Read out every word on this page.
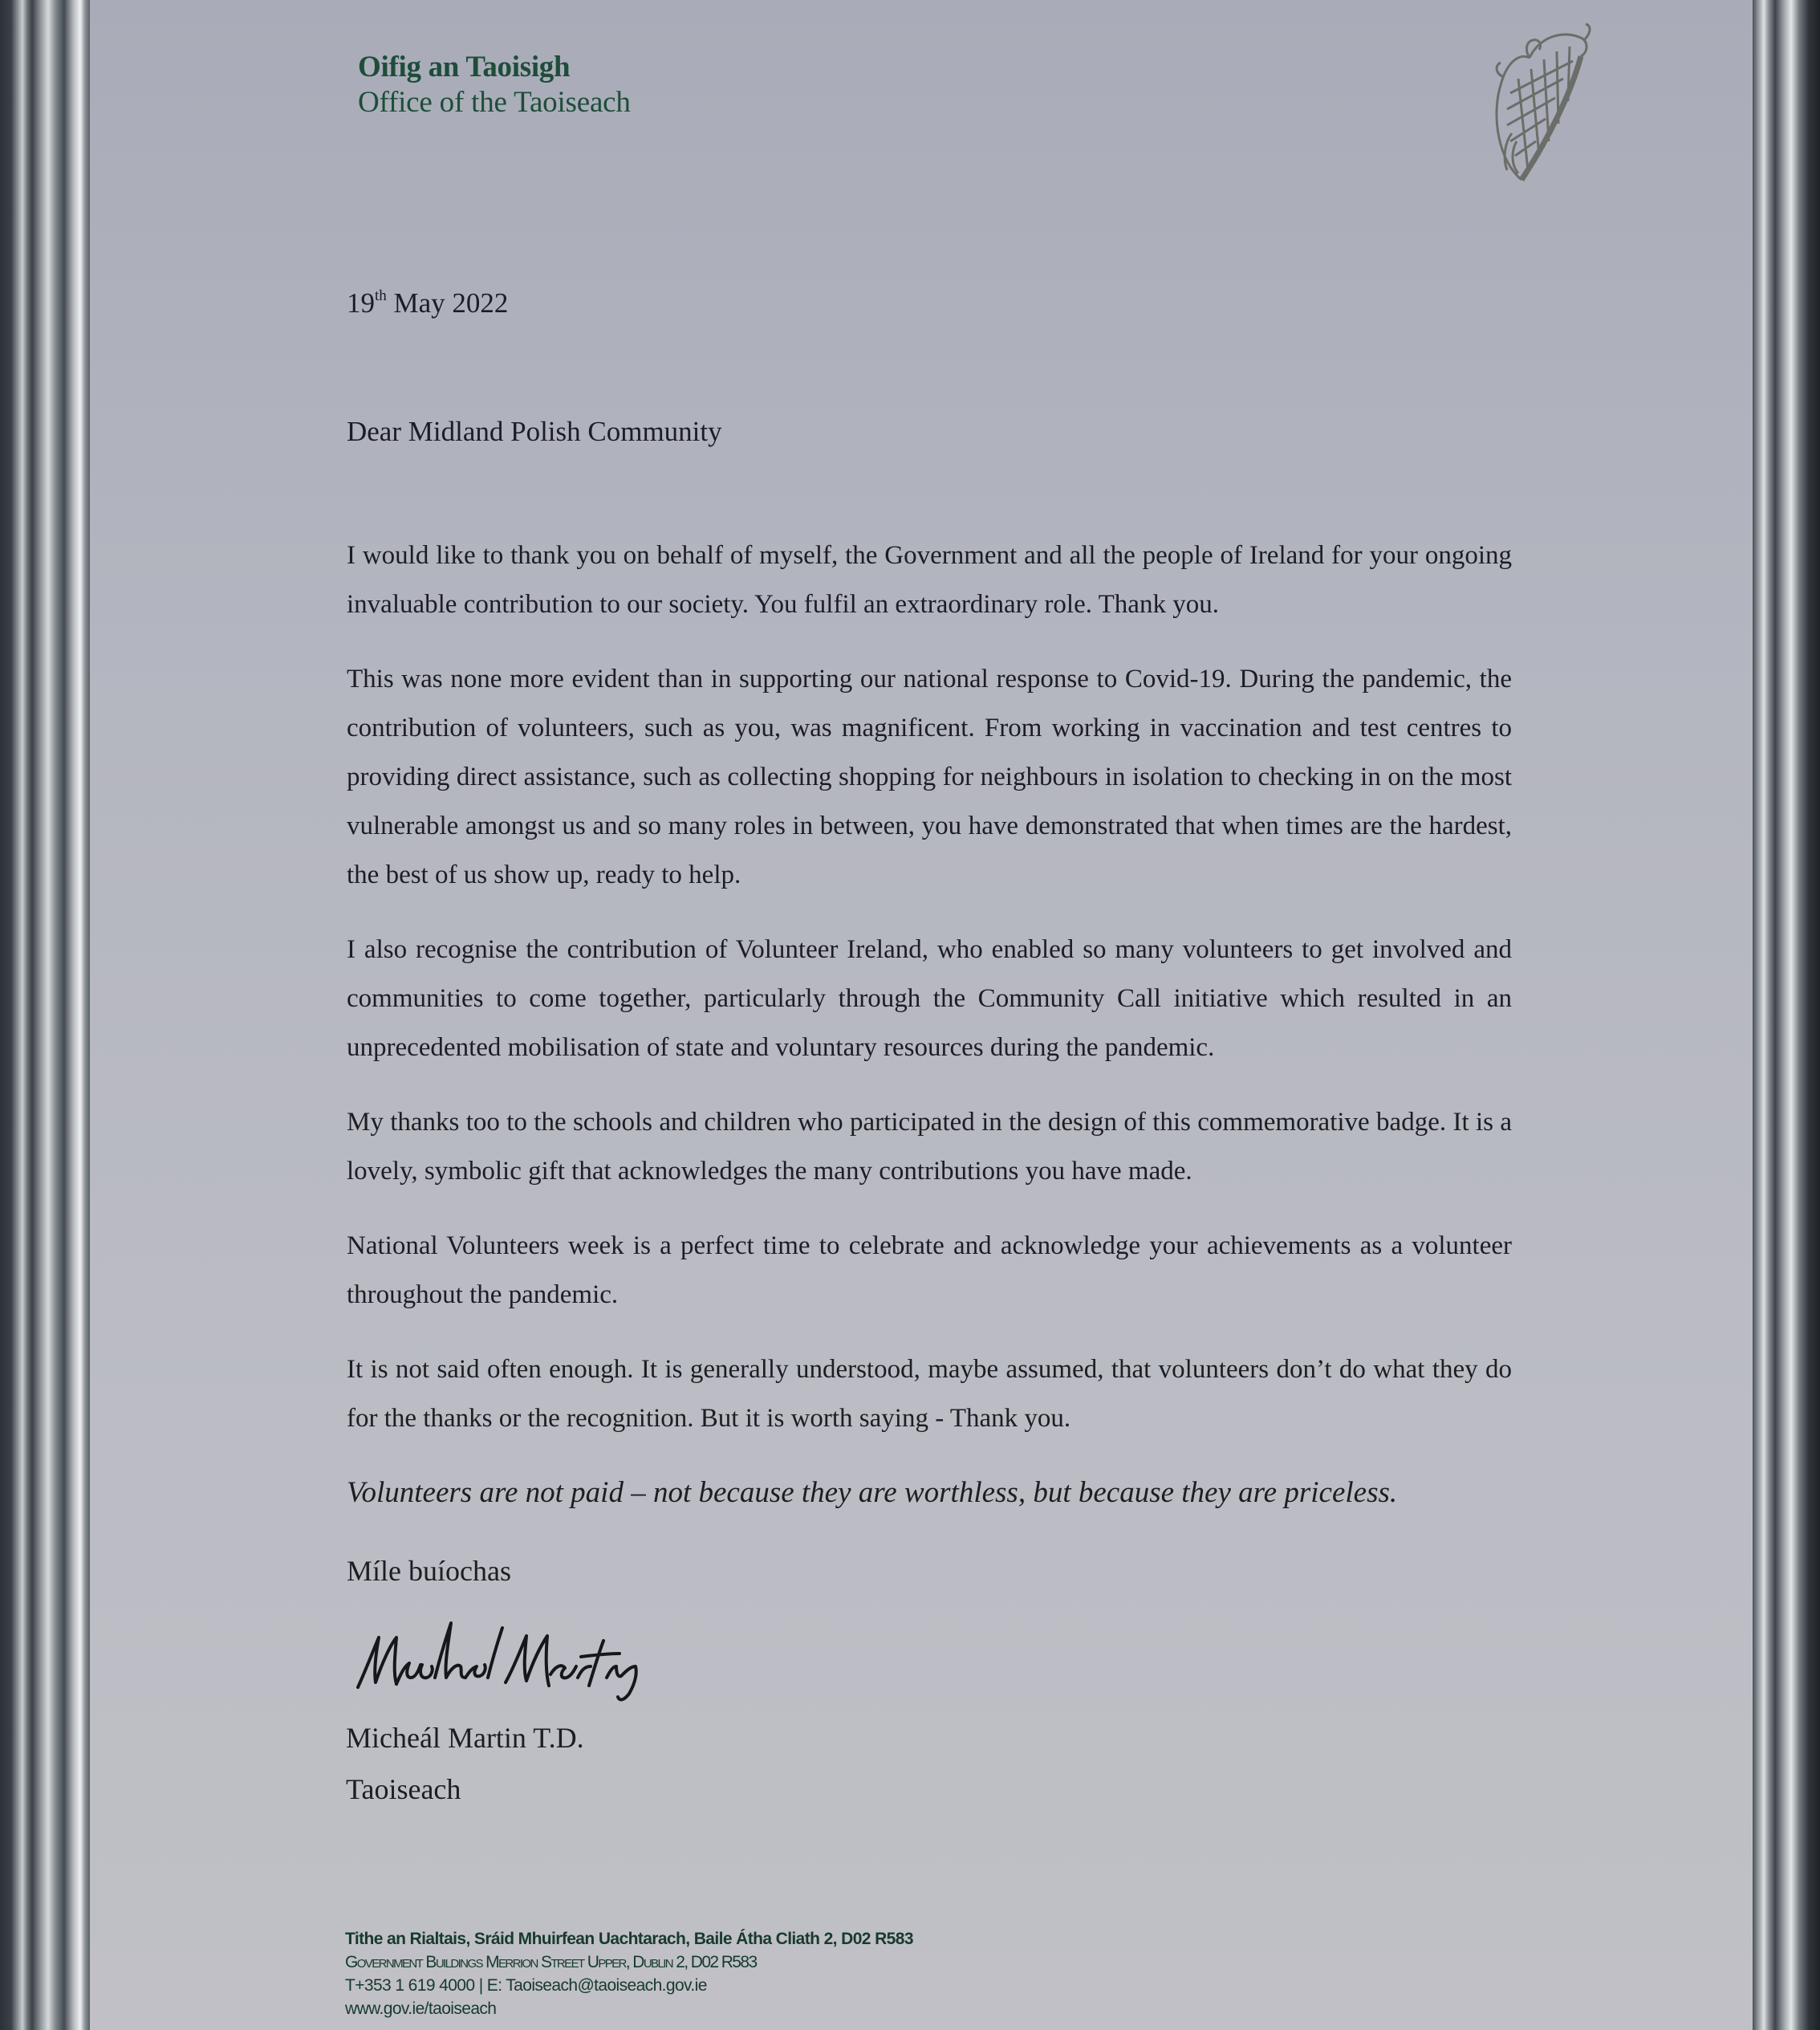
Oifig an Taoisigh
Office of the Taoiseach
19th May 2022
Dear Midland Polish Community

I would like to thank you on behalf of myself, the Government and all the people of Ireland for your ongoing invaluable contribution to our society. You fulfil an extraordinary role. Thank you.

This was none more evident than in supporting our national response to Covid-19. During the pandemic, the contribution of volunteers, such as you, was magnificent. From working in vaccination and test centres to providing direct assistance, such as collecting shopping for neighbours in isolation to checking in on the most vulnerable amongst us and so many roles in between, you have demonstrated that when times are the hardest, the best of us show up, ready to help.

I also recognise the contribution of Volunteer Ireland, who enabled so many volunteers to get involved and communities to come together, particularly through the Community Call initiative which resulted in an unprecedented mobilisation of state and voluntary resources during the pandemic.

My thanks too to the schools and children who participated in the design of this commemorative badge. It is a lovely, symbolic gift that acknowledges the many contributions you have made.

National Volunteers week is a perfect time to celebrate and acknowledge your achievements as a volunteer throughout the pandemic.

It is not said often enough. It is generally understood, maybe assumed, that volunteers don’t do what they do for the thanks or the recognition. But it is worth saying - Thank you.

Volunteers are not paid – not because they are worthless, but because they are priceless.

Míle buíochas
Micheál Martin T.D.
Taoiseach
Tithe an Rialtais, Sráid Mhuirfean Uachtarach, Baile Átha Cliath 2, D02 R583
Government Buildings Merrion Street Upper, Dublin 2, D02 R583
T+353 1 619 4000 | E: Taoiseach@taoiseach.gov.ie
www.gov.ie/taoiseach
